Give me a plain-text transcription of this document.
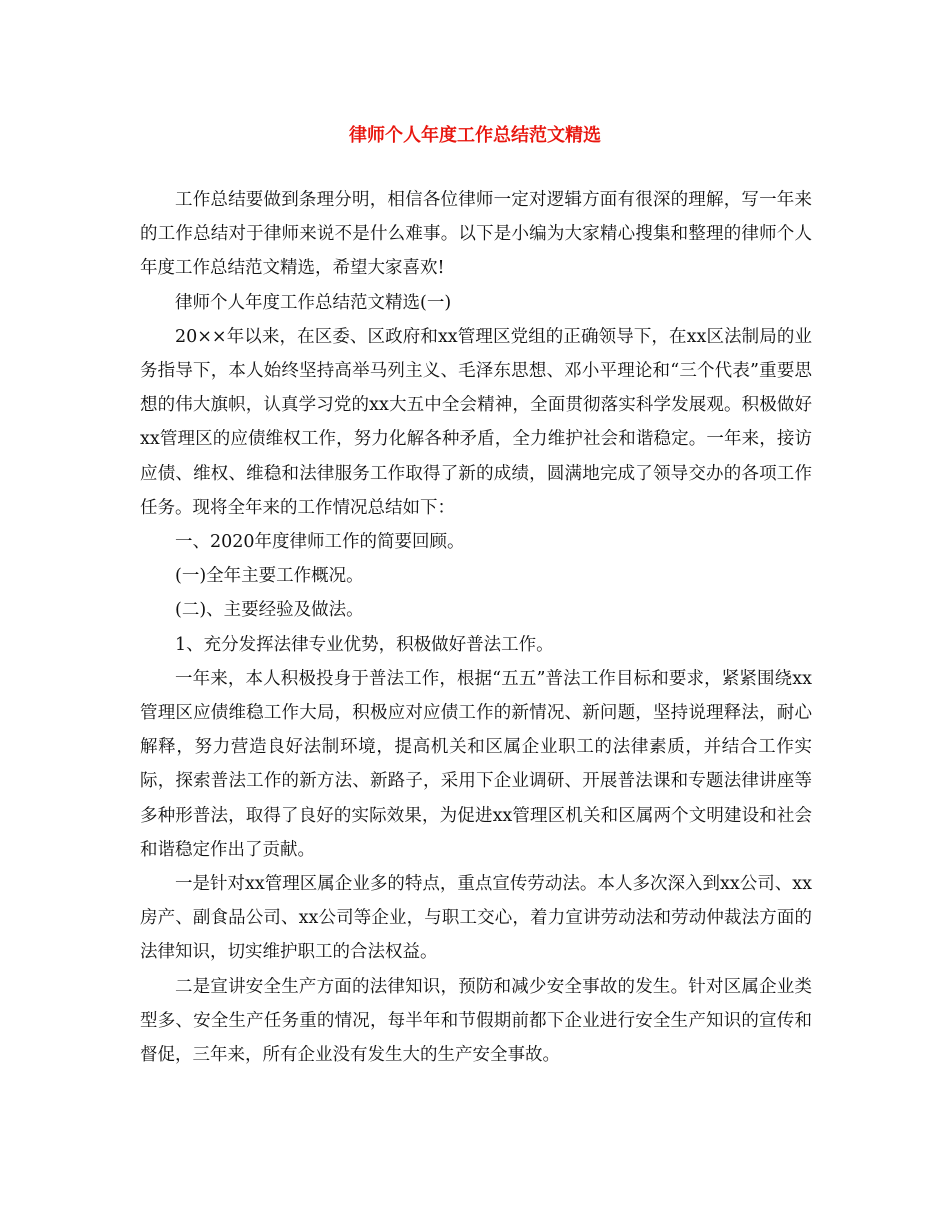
律师个人年度工作总结范文精选

工作总结要做到条理分明，相信各位律师一定对逻辑方面有很深的理解，写一年来的工作总结对于律师来说不是什么难事。以下是小编为大家精心搜集和整理的律师个人年度工作总结范文精选，希望大家喜欢!

律师个人年度工作总结范文精选(一)

20××年以来，在区委、区政府和xx管理区党组的正确领导下，在xx区法制局的业务指导下，本人始终坚持高举马列主义、毛泽东思想、邓小平理论和“三个代表”重要思想的伟大旗帜，认真学习党的xx大五中全会精神，全面贯彻落实科学发展观。积极做好xx管理区的应债维权工作，努力化解各种矛盾，全力维护社会和谐稳定。一年来，接访应债、维权、维稳和法律服务工作取得了新的成绩，圆满地完成了领导交办的各项工作任务。现将全年来的工作情况总结如下：

一、2020年度律师工作的简要回顾。

(一)全年主要工作概况。

(二)、主要经验及做法。

1、充分发挥法律专业优势，积极做好普法工作。

一年来，本人积极投身于普法工作，根据“五五”普法工作目标和要求，紧紧围绕xx管理区应债维稳工作大局，积极应对应债工作的新情况、新问题，坚持说理释法，耐心解释，努力营造良好法制环境，提高机关和区属企业职工的法律素质，并结合工作实际，探索普法工作的新方法、新路子，采用下企业调研、开展普法课和专题法律讲座等多种形普法，取得了良好的实际效果，为促进xx管理区机关和区属两个文明建设和社会和谐稳定作出了贡献。

一是针对xx管理区属企业多的特点，重点宣传劳动法。本人多次深入到xx公司、xx房产、副食品公司、xx公司等企业，与职工交心，着力宣讲劳动法和劳动仲裁法方面的法律知识，切实维护职工的合法权益。

二是宣讲安全生产方面的法律知识，预防和减少安全事故的发生。针对区属企业类型多、安全生产任务重的情况，每半年和节假期前都下企业进行安全生产知识的宣传和督促，三年来，所有企业没有发生大的生产安全事故。
